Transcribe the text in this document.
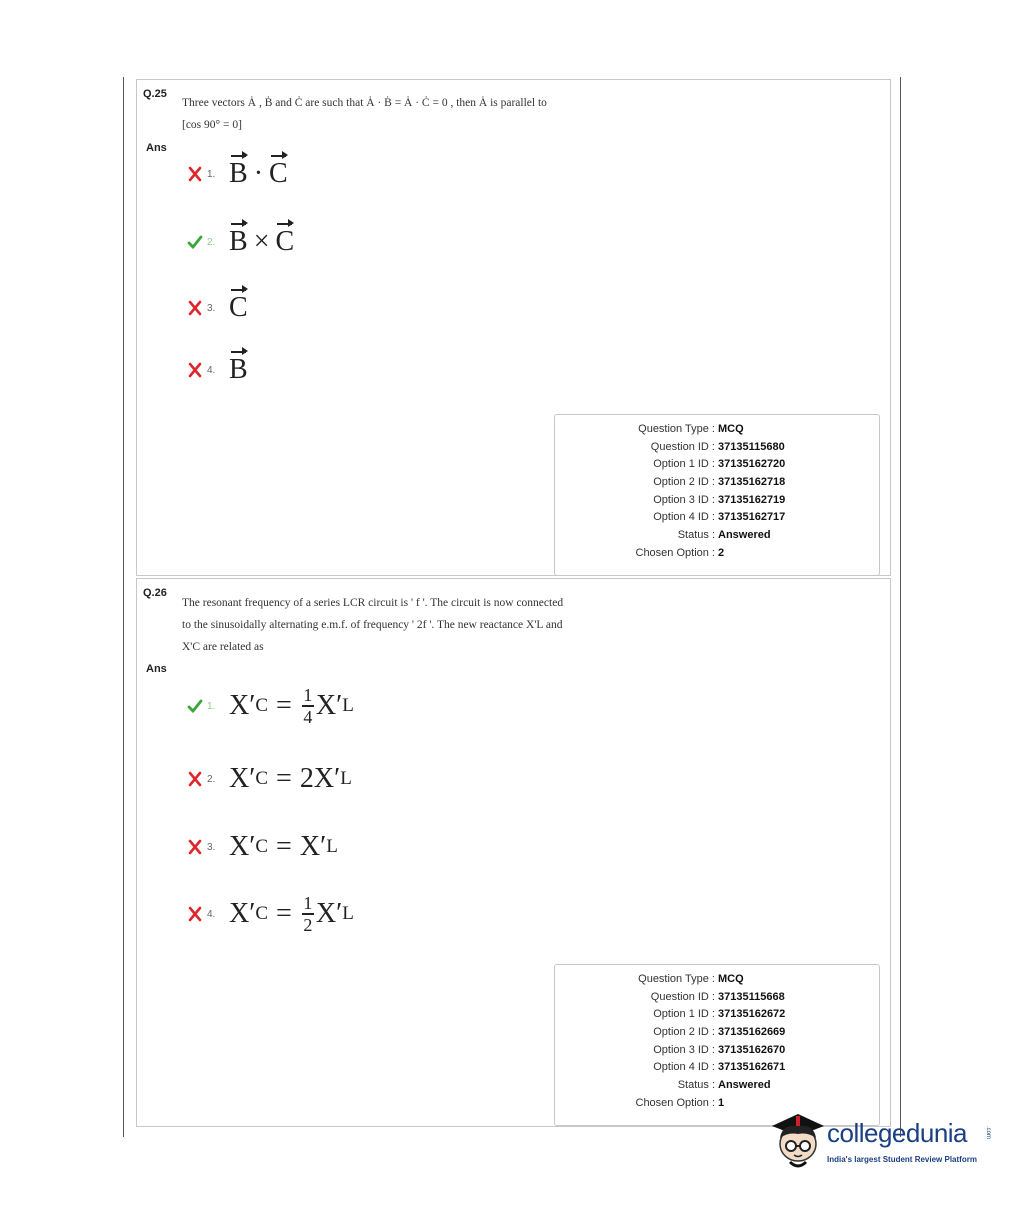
Q.25
Three vectors Ȧ , Ḃ and Ċ are such that Ȧ · Ḃ = Ȧ · Ċ = 0 , then Ȧ is parallel to
[cos 90° = 0]
Ans
1. B · C
2. B × C
3. C
4. B
Question Type : MCQ
Question ID : 37135115680
Option 1 ID : 37135162720
Option 2 ID : 37135162718
Option 3 ID : 37135162719
Option 4 ID : 37135162717
Status : Answered
Chosen Option : 2
Q.26
The resonant frequency of a series LCR circuit is ' f '. The circuit is now connected
to the sinusoidally alternating e.m.f. of frequency ' 2f '. The new reactance X'L and
X'C are related as
Ans
1. X′ $C = \frac{1}{4} X'$ L
2. X′ C = 2 X′ L
3. X′ C = X′ L
4. X′ $C = \frac{1}{2} X'$ L
Question Type : MCQ
Question ID : 37135115668
Option 1 ID : 37135162672
Option 2 ID : 37135162669
Option 3 ID : 37135162670
Option 4 ID : 37135162671
Status : Answered
Chosen Option : 1
collegedunia	.com
India's largest Student Review Platform
